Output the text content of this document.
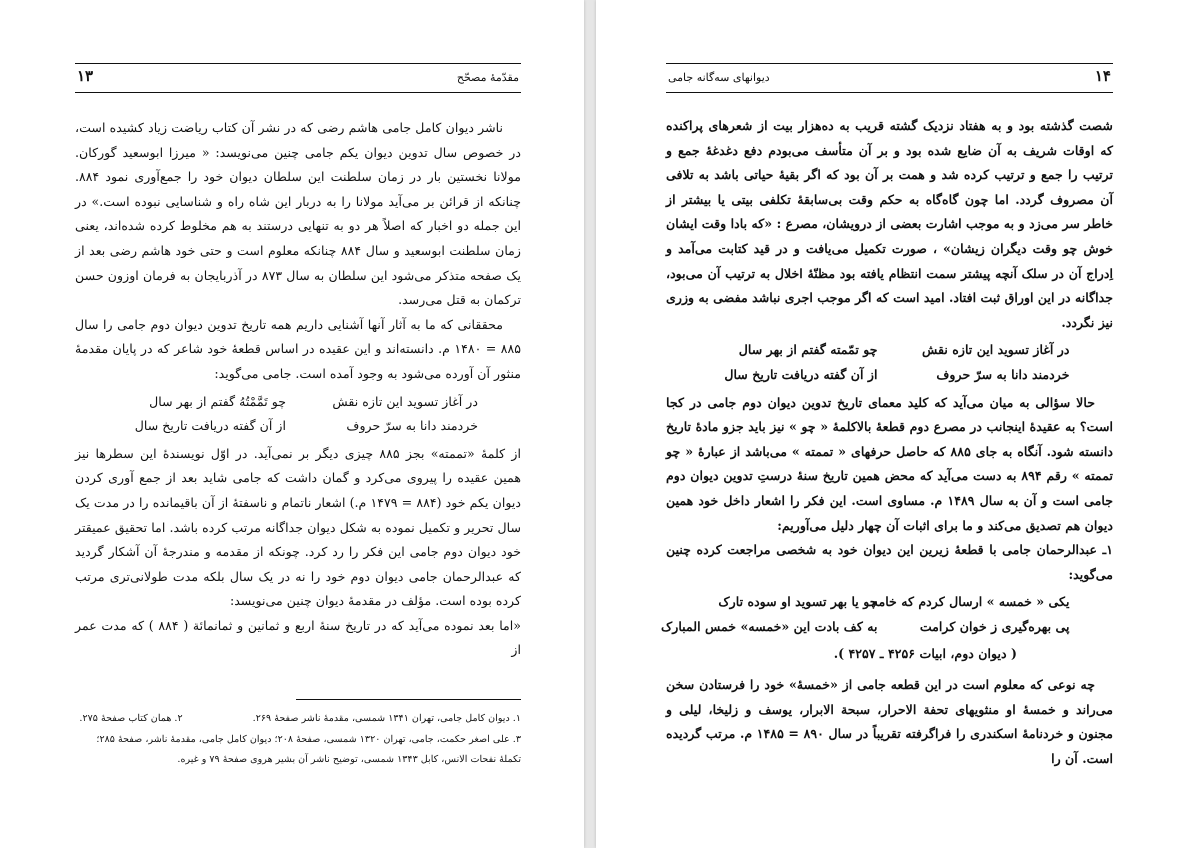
۱۳	مقدّمهٔ مصحّح

ناشر دیوان کامل جامی هاشم رضی که در نشر آن کتاب ریاضت زیاد کشیده است، در خصوص سال تدوین دیوان یکم جامی چنین می‌نویسد: « میرزا ابوسعید گورکان. مولانا نخستین بار در زمان سلطنت این سلطان دیوان خود را جمع‌آوری نمود ۸۸۴. چنانکه از قرائن بر می‌آید مولانا را به دربار این شاه راه و شناسایی نبوده است.» در این جمله دو اخبار که اصلاً هر دو به تنهایی درستند به هم مخلوط کرده شده‌اند، یعنی زمان سلطنت ابوسعید و سال ۸۸۴ چنانکه معلوم است و حتی خود هاشم رضی بعد از یک صفحه متذکر می‌شود این سلطان به سال ۸۷۳ در آذربایجان به فرمان اوزون حسن ترکمان به قتل می‌رسد.

محققانی که ما به آثار آنها آشنایی داریم همه تاریخ تدوین دیوان دوم جامی را سال ۸۸۵ = ۱۴۸۰ م. دانسته‌اند و این عقیده در اساس قطعهٔ خود شاعر که در پایان مقدمهٔ منثور آن آورده می‌شود به وجود آمده است. جامی می‌گوید:

در آغاز تسوید این تازه نقش
چو تَمَّمْتُهُ گفتم از بهر سال
خردمند دانا به سرّ حروف
از آن گفته دریافت تاریخ سال

از کلمهٔ «تممته» بجز ۸۸۵ چیزی دیگر بر نمی‌آید. در اوّل نویسندهٔ این سطرها نیز همین عقیده را پیروی می‌کرد و گمان داشت که جامی شاید بعد از جمع آوری کردن دیوان یکم خود (۸۸۴ = ۱۴۷۹ م.) اشعار ناتمام و ناسفتهٔ از آن باقیمانده را در مدت یک سال تحریر و تکمیل نموده به شکل دیوان جداگانه مرتب کرده باشد. اما تحقیق عمیقتر خود دیوان دوم جامی این فکر را رد کرد. چونکه از مقدمه و مندرجهٔ آن آشکار گردید که عبدالرحمان جامی دیوان دوم خود را نه در یک سال بلکه مدت طولانی‌تری مرتب کرده بوده است. مؤلف در مقدمهٔ دیوان چنین می‌نویسد:

«اما بعد نموده می‌آید که در تاریخ سنهٔ اربع و ثمانین و ثمانمائة ( ۸۸۴ ) که مدت عمر از

۱. دیوان کامل جامی، تهران ۱۳۴۱ شمسی، مقدمهٔ ناشر صفحهٔ ۲۶۹.۲. همان کتاب صفحهٔ ۲۷۵.

۳. علی اصغر حکمت، جامی، تهران ۱۳۲۰ شمسی، صفحهٔ ۲۰۸؛ دیوان کامل جامی، مقدمهٔ ناشر، صفحهٔ ۲۸۵؛

تکملهٔ نفحات الانس، کابل ۱۳۴۳ شمسی، توضیح ناشر آن بشیر هروی صفحهٔ ۷۹ و غیره.

۱۴
دیوانهای سه‌گانه جامی

شصت گذشته بود و به هفتاد نزدیک گشته قریب به ده‌هزار بیت از شعرهای پراکنده که اوقات شریف به آن ضایع شده بود و بر آن متأسف می‌بودم دفع دغدغهٔ جمع و ترتیب را جمع و ترتیب کرده شد و همت بر آن بود که اگر بقیهٔ حیاتی باشد به تلافی آن مصروف گردد. اما چون گاه‌گاه به حکم وقت بی‌سابقهٔ تکلفی بیتی یا بیشتر از خاطر سر می‌زد و به موجب اشارت بعضی از درویشان، مصرع : «که بادا وقت ایشان خوش چو وقت دیگران زیشان» ، صورت تکمیل می‌یافت و در قید کتابت می‌آمد و اِدراج آن در سلک آنچه پیشتر سمت انتظام یافته بود مظنّهٔ اخلال به ترتیب آن می‌بود، جداگانه در این اوراق ثبت افتاد. امید است که اگر موجب اجری نباشد مفضی به وزری نیز نگردد.

در آغاز تسوید این تازه نقش
چو تمّمته گفتم از بهر سال
خردمند دانا به سرّ حروف
از آن گفته دریافت تاریخ سال

حالا سؤالی به میان می‌آید که کلید معمای تاریخ تدوین دیوان دوم جامی در کجا است؟ به عقیدهٔ اینجانب در مصرع دوم قطعهٔ بالاکلمهٔ « چو » نیز باید جزو مادهٔ تاریخ دانسته شود. آنگاه به جای ۸۸۵ که حاصل حرفهای « تممته » می‌باشد از عبارهٔ « چو تممته » رقم ۸۹۴ به دست می‌آید که محض همین تاریخ سنهٔ درستِ تدوین دیوان دوم جامی است و آن به سال ۱۴۸۹ م. مساوی است. این فکر را اشعار داخل خود همین دیوان هم تصدیق می‌کند و ما برای اثبات آن چهار دلیل می‌آوریم:

۱ـ عبدالرحمان جامی با قطعهٔ زیرین این دیوان خود به شخصی مراجعت کرده چنین می‌گوید:

یکی « خمسه » ارسال کردم که خامه
چو یا بهر تسوید او سوده تارک
پی بهره‌گیری ز خوان کرامت
به کف بادت این «خمسه» خمس المبارک

( دیوان دوم، ابیات ۴۲۵۶ ـ ۴۲۵۷ ).

چه نوعی که معلوم است در این قطعه جامی از «خمسهٔ» خود را فرستادن سخن می‌راند و خمسهٔ او منثویهای تحفة الاحرار، سبحة الابرار، یوسف و زلیخا، لیلی و مجنون و خردنامهٔ اسکندری را فراگرفته تقریباً در سال ۸۹۰ = ۱۴۸۵ م. مرتب گردیده است. آن را
